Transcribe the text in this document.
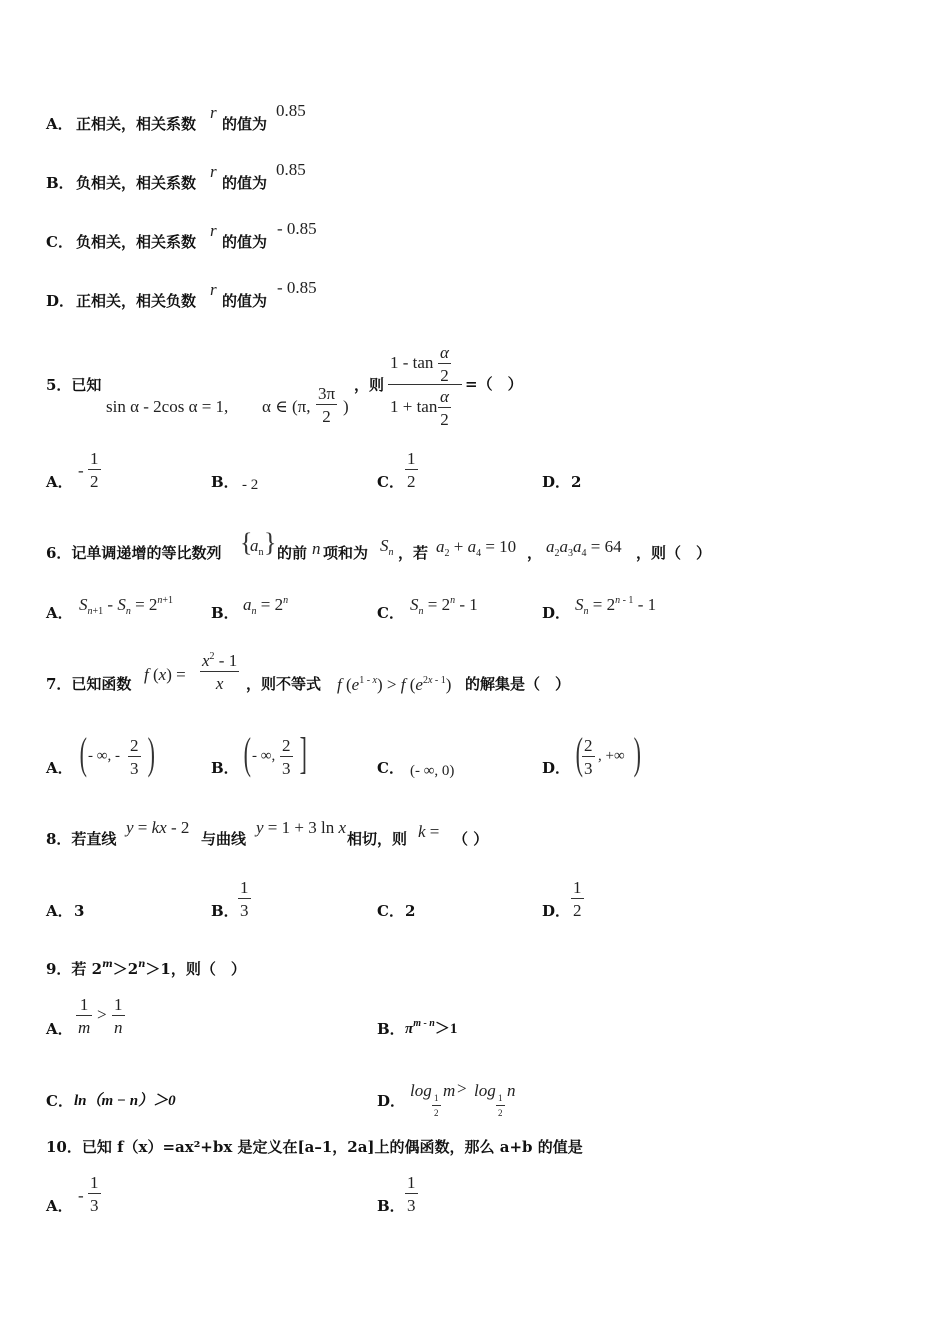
A． 正相关，相关系数
r
的值为
0.85
B． 负相关，相关系数
r
的值为
0.85
C． 负相关，相关系数
r
的值为
- 0.85
D． 正相关，相关负数
r
的值为
- 0.85
5．已知
sin α - 2cos α = 1, α ∈ (π, $\frac{3\pi}{2}$ )
，则
$1 - \tan \frac{\alpha}{2}$
$1 + \tan \frac{\alpha}{2}$
=（　）
A．
- $\frac{1}{2}$	B． - 2	C． $\frac{1}{2}$	D． 2
6．记单调递增的等比数列 {
$a_n$ } 的前 n 项和为 $S_n$ ，若 $a_2 + a_4 = 10$ ， $a_2a_3a_4 = 64$ ，则（　）
A． $S_{n+1} - S_n = 2^{n+1}$
B． $a_n = 2^n$
C． $S_n = 2^n - 1$	D． $S_n = 2^{n - 1} - 1$
7．已知函数 f $(x) = \frac{x^2 - 1}{x}$ ，则不等式 f $(e^{1 - x}) > f$ $(e^{2x - 1})$ 的解集是（　）
A． ( - ∞, - $\frac{2}{3}$ )	B． ( - ∞, $\frac{2}{3}$ ]	C． (- ∞, 0)	D． ( $\frac{2}{3}$ , +∞ )
8．若直线
y = kx - 2
与曲线
y = 1 + 3 ln x
相切，则 k = （ ）
A． 3	B． $\frac{1}{3}$	C． 2	D． $\frac{1}{2}$
9．若 $2^m>2^n>1$，则（　）
A． $\frac{1}{m} > \frac{1}{n}$	B． $\pi^{m - n}>1$
C． ln（m − n）＞0	D．
log
$\frac{1}{2}$
m > log
$\frac{1}{2}$
n
10．已知 f（x）=ax²+bx 是定义在[a–1，2a]上的偶函数，那么 a+b 的值是
A．
- $\frac{1}{3}$	B． $\frac{1}{3}$
